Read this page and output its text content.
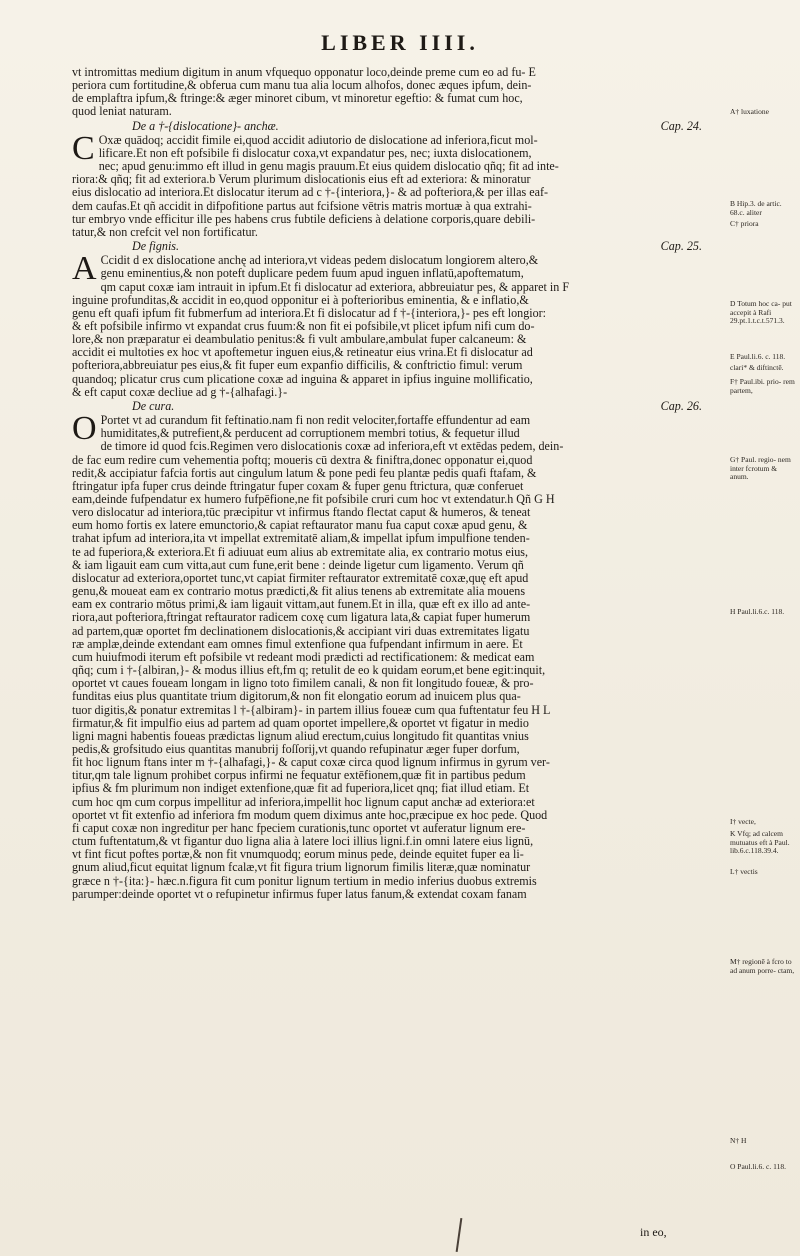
LIBER IIII.
vt intromittas medium digitum in anum vfquequo opponatur loco,deinde preme cum eo ad fu- E
periora cum fortitudine,& obferua cum manu tua alia locum alhofos, donec æques ipfum, dein-
de emplaftra ipfum,& ftringe:& æger minoret cibum, vt minoretur egeftio: & fumat cum hoc,
quod leniat naturam.
De a †-{dislocatione}- anchæ.	Cap. 24.
C Oxæ quādoq; accidit fimile ei,quod accidit adiutorio de dislocatione ad inferiora,ficut mol-
lificare.Et non eft pofsibile fi dislocatur coxa,vt expandatur pes, nec; iuxta dislocationem,
nec; apud genu:immo eft illud in genu magis prauum.Et eius quidem dislocatio qñq; fit ad inte-
riora:& qñq; fit ad exteriora.b Verum plurimum dislocationis eius eft ad exteriora: & minoratur
eius dislocatio ad interiora.Et dislocatur iterum ad c †-{interiora,}- & ad pofteriora,& per illas eaf-
dem caufas.Et qñ accidit in difpofitione partus aut fcifsione vētris matris mortuæ à qua extrahi-
tur embryo vnde efficitur ille pes habens crus fubtile deficiens à delatione corporis,quare debili-
tatur,& non crefcit vel non fortificatur.
De fignis.	Cap. 25.
A Ccidit d ex dislocatione anchę ad interiora,vt videas pedem dislocatum longiorem altero,&
genu eminentius,& non poteft duplicare pedem fuum apud inguen inflatū,apoftematum,
qm caput coxæ iam intrauit in ipfum.Et fi dislocatur ad exteriora, abbreuiatur pes, & apparet in F
inguine profunditas,& accidit in eo,quod opponitur ei à pofterioribus eminentia, & e inflatio,&
genu eft quafi ipfum fit fubmerfum ad interiora.Et fi dislocatur ad f †-{interiora,}- pes eft longior:
& eft pofsibile infirmo vt expandat crus fuum:& non fit ei pofsibile,vt plicet ipfum nifi cum do-
lore,& non præparatur ei deambulatio penitus:& fi vult ambulare,ambulat fuper calcaneum: &
accidit ei multoties ex hoc vt apoftemetur inguen eius,& retineatur eius vrina.Et fi dislocatur ad
pofteriora,abbreuiatur pes eius,& fit fuper eum expanfio difficilis, & conftrictio fimul: verum
quandoq; plicatur crus cum plicatione coxæ ad inguina & apparet in ipfius inguine mollificatio,
& eft caput coxæ decliue ad g †-{alhafagi.}-
De cura.	Cap. 26.
O Portet vt ad curandum fit feftinatio.nam fi non redit velociter,fortaffe effundentur ad eam
humiditates,& putrefient,& perducent ad corruptionem membri totius, & fequetur illud
de timore id quod fcis.Regimen vero dislocationis coxæ ad inferiora,eft vt extēdas pedem, dein-
de fac eum redire cum vehementia poftq; moueris cū dextra & finiftra,donec opponatur ei,quod
redit,& accipiatur fafcia fortis aut cingulum latum & pone pedi feu plantæ pedis quafi ftafam, &
ftringatur ipfa fuper crus deinde ftringatur fuper coxam & fuper genu ftrictura, quæ conferuet
eam,deinde fufpendatur ex humero fufpēfione,ne fit pofsibile cruri cum hoc vt extendatur.h Qñ G H
vero dislocatur ad interiora,tūc præcipitur vt infirmus ftando flectat caput & humeros, & teneat
eum homo fortis ex latere emunctorio,& capiat reftaurator manu fua caput coxæ apud genu, &
trahat ipfum ad interiora,ita vt impellat extremitatē aliam,& impellat ipfum impulfione tenden-
te ad fuperiora,& exteriora.Et fi adiuuat eum alius ab extremitate alia, ex contrario motus eius,
& iam ligauit eam cum vitta,aut cum fune,erit bene : deinde ligetur cum ligamento. Verum qñ
dislocatur ad exteriora,oportet tunc,vt capiat firmiter reftaurator extremitatē coxæ,quę eft apud
genu,& moueat eam ex contrario motus prædicti,& fit alius tenens ab extremitate alia mouens
eam ex contrario mōtus primi,& iam ligauit vittam,aut funem.Et in illa, quæ eft ex illo ad ante-
riora,aut pofteriora,ftringat reftaurator radicem coxę cum ligatura lata,& capiat fuper humerum
ad partem,quæ oportet fm declinationem dislocationis,& accipiant viri duas extremitates ligatu
ræ amplæ,deinde extendant eam omnes fimul extenfione qua fufpendant infirmum in aere. Et
cum huiufmodi iterum eft pofsibile vt redeant modi prædicti ad rectificationem: & medicat eam
qñq; cum i †-{albiran,}- & modus illius eft,fm q; retulit de eo k quidam eorum,et bene egit:inquit,
oportet vt caues foueam longam in ligno toto fimilem canali, & non fit longitudo foueæ, & pro-
funditas eius plus quantitate trium digitorum,& non fit elongatio eorum ad inuicem plus qua-
tuor digitis,& ponatur extremitas l †-{albiram}- in partem illius foueæ cum qua fuftentatur feu H L
firmatur,& fit impulfio eius ad partem ad quam oportet impellere,& oportet vt figatur in medio
ligni magni habentis foueas prædictas lignum aliud erectum,cuius longitudo fit quantitas vnius
pedis,& grofsitudo eius quantitas manubrij foſſorij,vt quando refupinatur æger fuper dorfum,
fit hoc lignum ftans inter m †-{alhafagi,}- & caput coxæ circa quod lignum infirmus in gyrum ver-
titur,qm tale lignum prohibet corpus infirmi ne fequatur extēfionem,quæ fit in partibus pedum
ipfius & fm plurimum non indiget extenfione,quæ fit ad fuperiora,licet qnq; fiat illud etiam. Et
cum hoc qm cum corpus impellitur ad inferiora,impellit hoc lignum caput anchæ ad exteriora:et
oportet vt fit extenfio ad inferiora fm modum quem diximus ante hoc,præcipue ex hoc pede. Quod
fi caput coxæ non ingreditur per hanc fpeciem curationis,tunc oportet vt auferatur lignum ere-
ctum fuftentatum,& vt figantur duo ligna alia à latere loci illius ligni.f.in omni latere eius lignū,
vt fint ficut poftes portæ,& non fit vnumquodq; eorum minus pede, deinde equitet fuper ea li-
gnum aliud,ficut equitat lignum fcalæ,vt fit figura trium lignorum fimilis literæ,quæ nominatur
græce n †-{ita:}- hæc.n.figura fit cum ponitur lignum tertium in medio inferius duobus extremis
parumper:deinde oportet vt o refupinetur infirmus fuper latus fanum,& extendat coxam fanam
A† luxatione
B Hip.3. de artic. 68.c. aliter
C† priora
D Totum hoc ca- put accepit à Rafi 29.pt.1.t.c.t.571.3.
E Paul.li.6. c. 118.
clari* & diftinctē.
F† Paul.ibi. prio- rem partem,
G† Paul. regio- nem inter fcrotum & anum.
H Paul.li.6.c. 118.
I† vecte,
K Vfq; ad calcem mutuatus eft à Paul. lib.6.c.118.39.4.
L† vectis
M† regionē à fcro to ad anum porre- ctam,
N† H
O Paul.li.6. c. 118.
in eo,
